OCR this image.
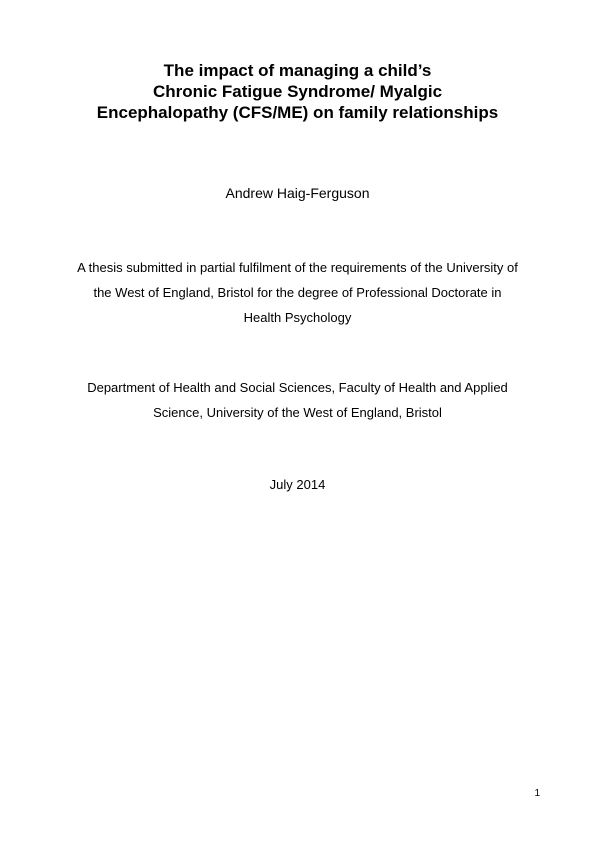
The impact of managing a child’s
Chronic Fatigue Syndrome/ Myalgic
Encephalopathy (CFS/ME) on family relationships
Andrew Haig-Ferguson
A thesis submitted in partial fulfilment of the requirements of the University of
the West of England, Bristol for the degree of Professional Doctorate in
Health Psychology
Department of Health and Social Sciences, Faculty of Health and Applied
Science, University of the West of England, Bristol
July 2014
1
